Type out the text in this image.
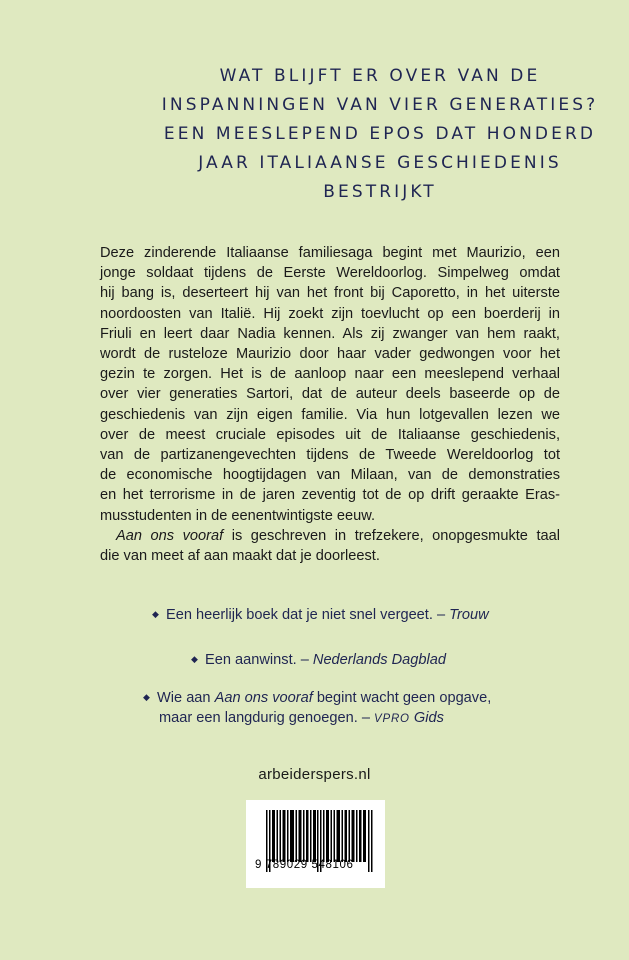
WAT BLIJFT ER OVER VAN DE
INSPANNINGEN VAN VIER GENERATIES?
EEN MEESLEPEND EPOS DAT HONDERD
JAAR ITALIAANSE GESCHIEDENIS
BESTRIJKT
Deze zinderende Italiaanse familiesaga begint met Maurizio, een
jonge soldaat tijdens de Eerste Wereldoorlog. Simpelweg omdat
hij bang is, deserteert hij van het front bij Caporetto, in het uiterste
noordoosten van Italië. Hij zoekt zijn toevlucht op een boerderij in
Friuli en leert daar Nadia kennen. Als zij zwanger van hem raakt,
wordt de rusteloze Maurizio door haar vader gedwongen voor het
gezin te zorgen. Het is de aanloop naar een meeslepend verhaal
over vier generaties Sartori, dat de auteur deels baseerde op de
geschiedenis van zijn eigen familie. Via hun lotgevallen lezen we
over de meest cruciale episodes uit de Italiaanse geschiedenis,
van de partizanengevechten tijdens de Tweede Wereldoorlog tot
de economische hoogtijdagen van Milaan, van de demonstraties
en het terrorisme in de jaren zeventig tot de op drift geraakte Eras-
musstudenten in de eenentwintigste eeuw.
Aan ons vooraf is geschreven in trefzekere, onopgesmukte taal
die van meet af aan maakt dat je doorleest.
◆ Een heerlijk boek dat je niet snel vergeet. – Trouw
◆ Een aanwinst. – Nederlands Dagblad
◆ Wie aan Aan ons vooraf begint wacht geen opgave,
maar een langdurig genoegen. – VPRO Gids
arbeiderspers.nl
9 789029 548106
